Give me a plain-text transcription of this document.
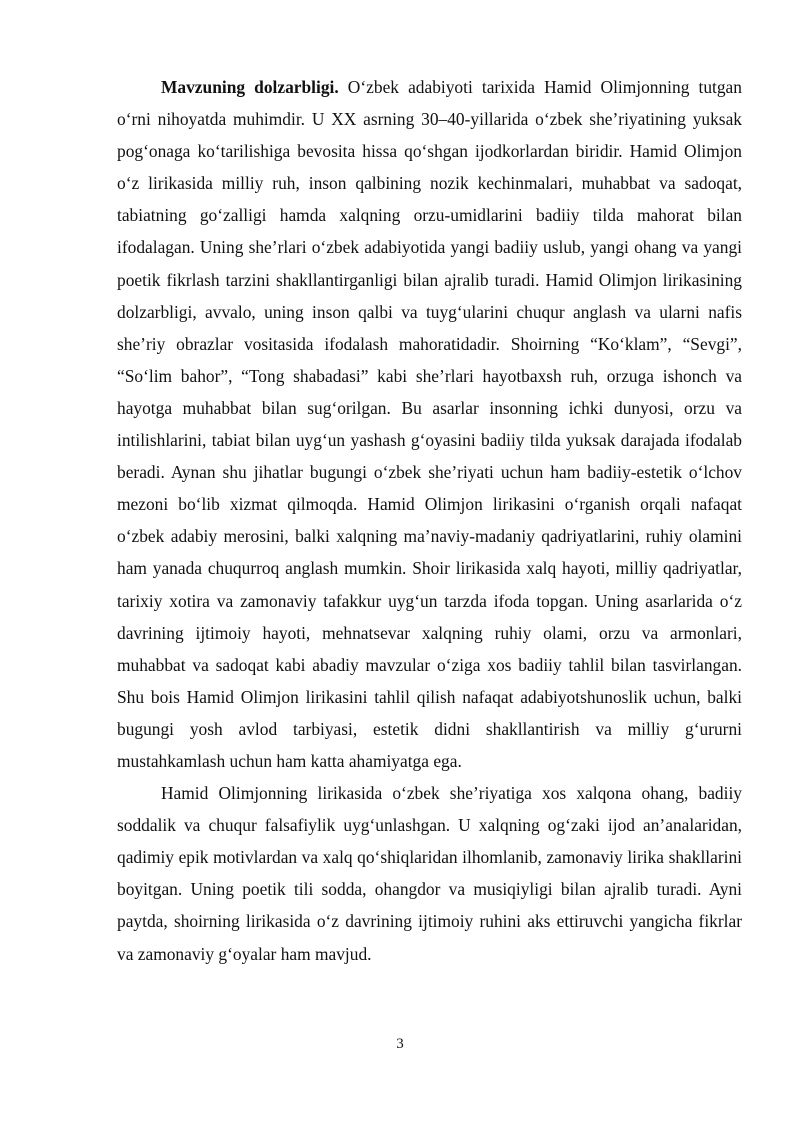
Mavzuning dolzarbligi. O‘zbek adabiyoti tarixida Hamid Olimjonning tutgan o‘rni nihoyatda muhimdir. U XX asrning 30–40-yillarida o‘zbek she’riyatining yuksak pog‘onaga ko‘tarilishiga bevosita hissa qo‘shgan ijodkorlardan biridir. Hamid Olimjon o‘z lirikasida milliy ruh, inson qalbining nozik kechinmalari, muhabbat va sadoqat, tabiatning go‘zalligi hamda xalqning orzu-umidlarini badiiy tilda mahorat bilan ifodalagan. Uning she’rlari o‘zbek adabiyotida yangi badiiy uslub, yangi ohang va yangi poetik fikrlash tarzini shakllantirganligi bilan ajralib turadi. Hamid Olimjon lirikasining dolzarbligi, avvalo, uning inson qalbi va tuyg‘ularini chuqur anglash va ularni nafis she’riy obrazlar vositasida ifodalash mahoratidadir. Shoirning “Ko‘klam”, “Sevgi”, “So‘lim bahor”, “Tong shabadasi” kabi she’rlari hayotbaxsh ruh, orzuga ishonch va hayotga muhabbat bilan sug‘orilgan. Bu asarlar insonning ichki dunyosi, orzu va intilishlarini, tabiat bilan uyg‘un yashash g‘oyasini badiiy tilda yuksak darajada ifodalab beradi. Aynan shu jihatlar bugungi o‘zbek she’riyati uchun ham badiiy-estetik o‘lchov mezoni bo‘lib xizmat qilmoqda. Hamid Olimjon lirikasini o‘rganish orqali nafaqat o‘zbek adabiy merosini, balki xalqning ma’naviy-madaniy qadriyatlarini, ruhiy olamini ham yanada chuqurroq anglash mumkin. Shoir lirikasida xalq hayoti, milliy qadriyatlar, tarixiy xotira va zamonaviy tafakkur uyg‘un tarzda ifoda topgan. Uning asarlarida o‘z davrining ijtimoiy hayoti, mehnatsevar xalqning ruhiy olami, orzu va armonlari, muhabbat va sadoqat kabi abadiy mavzular o‘ziga xos badiiy tahlil bilan tasvirlangan. Shu bois Hamid Olimjon lirikasini tahlil qilish nafaqat adabiyotshunoslik uchun, balki bugungi yosh avlod tarbiyasi, estetik didni shakllantirish va milliy g‘ururni mustahkamlash uchun ham katta ahamiyatga ega.

Hamid Olimjonning lirikasida o‘zbek she’riyatiga xos xalqona ohang, badiiy soddalik va chuqur falsafiylik uyg‘unlashgan. U xalqning og‘zaki ijod an’analaridan, qadimiy epik motivlardan va xalq qo‘shiqlaridan ilhomlanib, zamonaviy lirika shakllarini boyitgan. Uning poetik tili sodda, ohangdor va musiqiyligi bilan ajralib turadi. Ayni paytda, shoirning lirikasida o‘z davrining ijtimoiy ruhini aks ettiruvchi yangicha fikrlar va zamonaviy g‘oyalar ham mavjud.

3
